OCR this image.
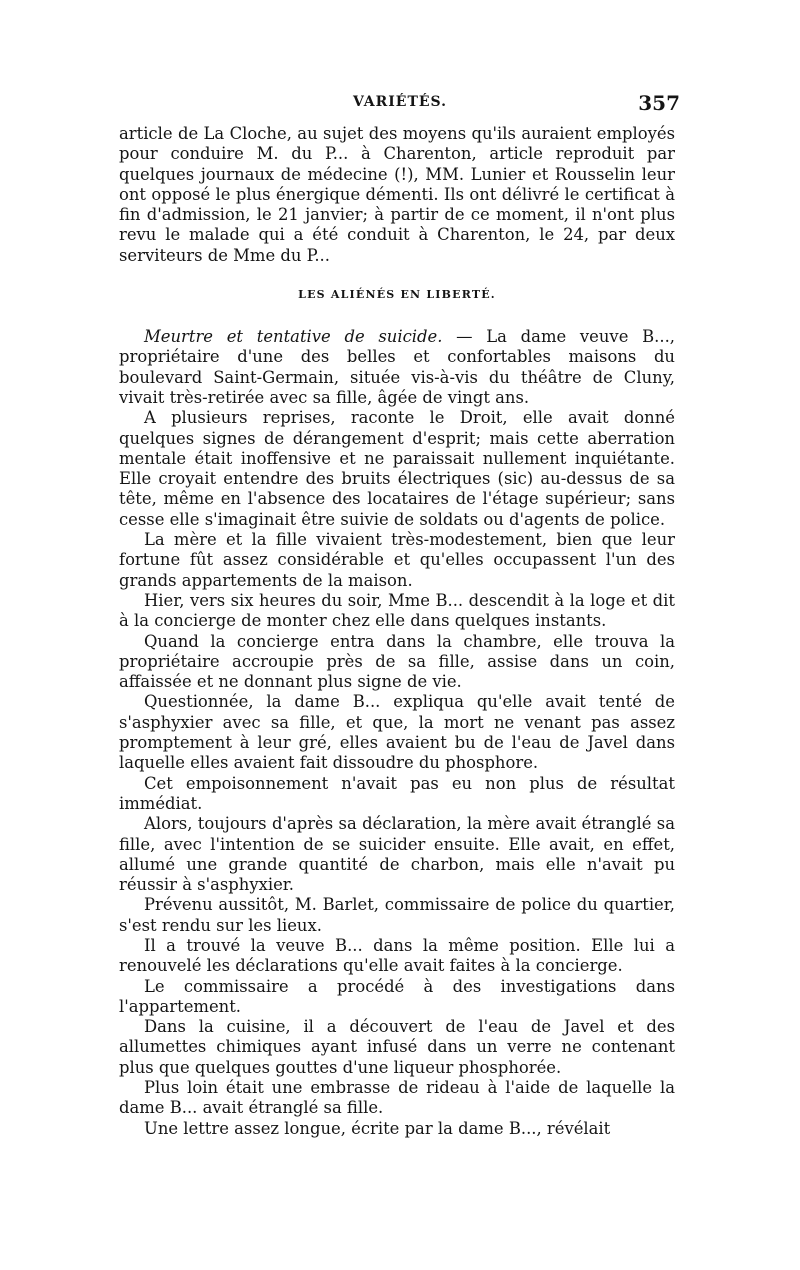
VARIÉTÉS.	357

article de La Cloche, au sujet des moyens qu'ils auraient employés pour conduire M. du P... à Charenton, article reproduit par quelques journaux de médecine (!), MM. Lunier et Rousselin leur ont opposé le plus énergique démenti. Ils ont délivré le certificat à fin d'admission, le 21 janvier; à partir de ce moment, il n'ont plus revu le malade qui a été conduit à Charenton, le 24, par deux serviteurs de Mme du P...

LES ALIÉNÉS EN LIBERTÉ.

Meurtre et tentative de suicide. — La dame veuve B..., propriétaire d'une des belles et confortables maisons du boulevard Saint-Germain, située vis-à-vis du théâtre de Cluny, vivait très-retirée avec sa fille, âgée de vingt ans.

A plusieurs reprises, raconte le Droit, elle avait donné quelques signes de dérangement d'esprit; mais cette aberration mentale était inoffensive et ne paraissait nullement inquiétante. Elle croyait entendre des bruits électriques (sic) au-dessus de sa tête, même en l'absence des locataires de l'étage supérieur; sans cesse elle s'imaginait être suivie de soldats ou d'agents de police.

La mère et la fille vivaient très-modestement, bien que leur fortune fût assez considérable et qu'elles occupassent l'un des grands appartements de la maison.

Hier, vers six heures du soir, Mme B... descendit à la loge et dit à la concierge de monter chez elle dans quelques instants.

Quand la concierge entra dans la chambre, elle trouva la propriétaire accroupie près de sa fille, assise dans un coin, affaissée et ne donnant plus signe de vie.

Questionnée, la dame B... expliqua qu'elle avait tenté de s'asphyxier avec sa fille, et que, la mort ne venant pas assez promptement à leur gré, elles avaient bu de l'eau de Javel dans laquelle elles avaient fait dissoudre du phosphore.

Cet empoisonnement n'avait pas eu non plus de résultat immédiat.

Alors, toujours d'après sa déclaration, la mère avait étranglé sa fille, avec l'intention de se suicider ensuite. Elle avait, en effet, allumé une grande quantité de charbon, mais elle n'avait pu réussir à s'asphyxier.

Prévenu aussitôt, M. Barlet, commissaire de police du quartier, s'est rendu sur les lieux.

Il a trouvé la veuve B... dans la même position. Elle lui a renouvelé les déclarations qu'elle avait faites à la concierge.

Le commissaire a procédé à des investigations dans l'appartement.

Dans la cuisine, il a découvert de l'eau de Javel et des allumettes chimiques ayant infusé dans un verre ne contenant plus que quelques gouttes d'une liqueur phosphorée.

Plus loin était une embrasse de rideau à l'aide de laquelle la dame B... avait étranglé sa fille.

Une lettre assez longue, écrite par la dame B..., révélait
